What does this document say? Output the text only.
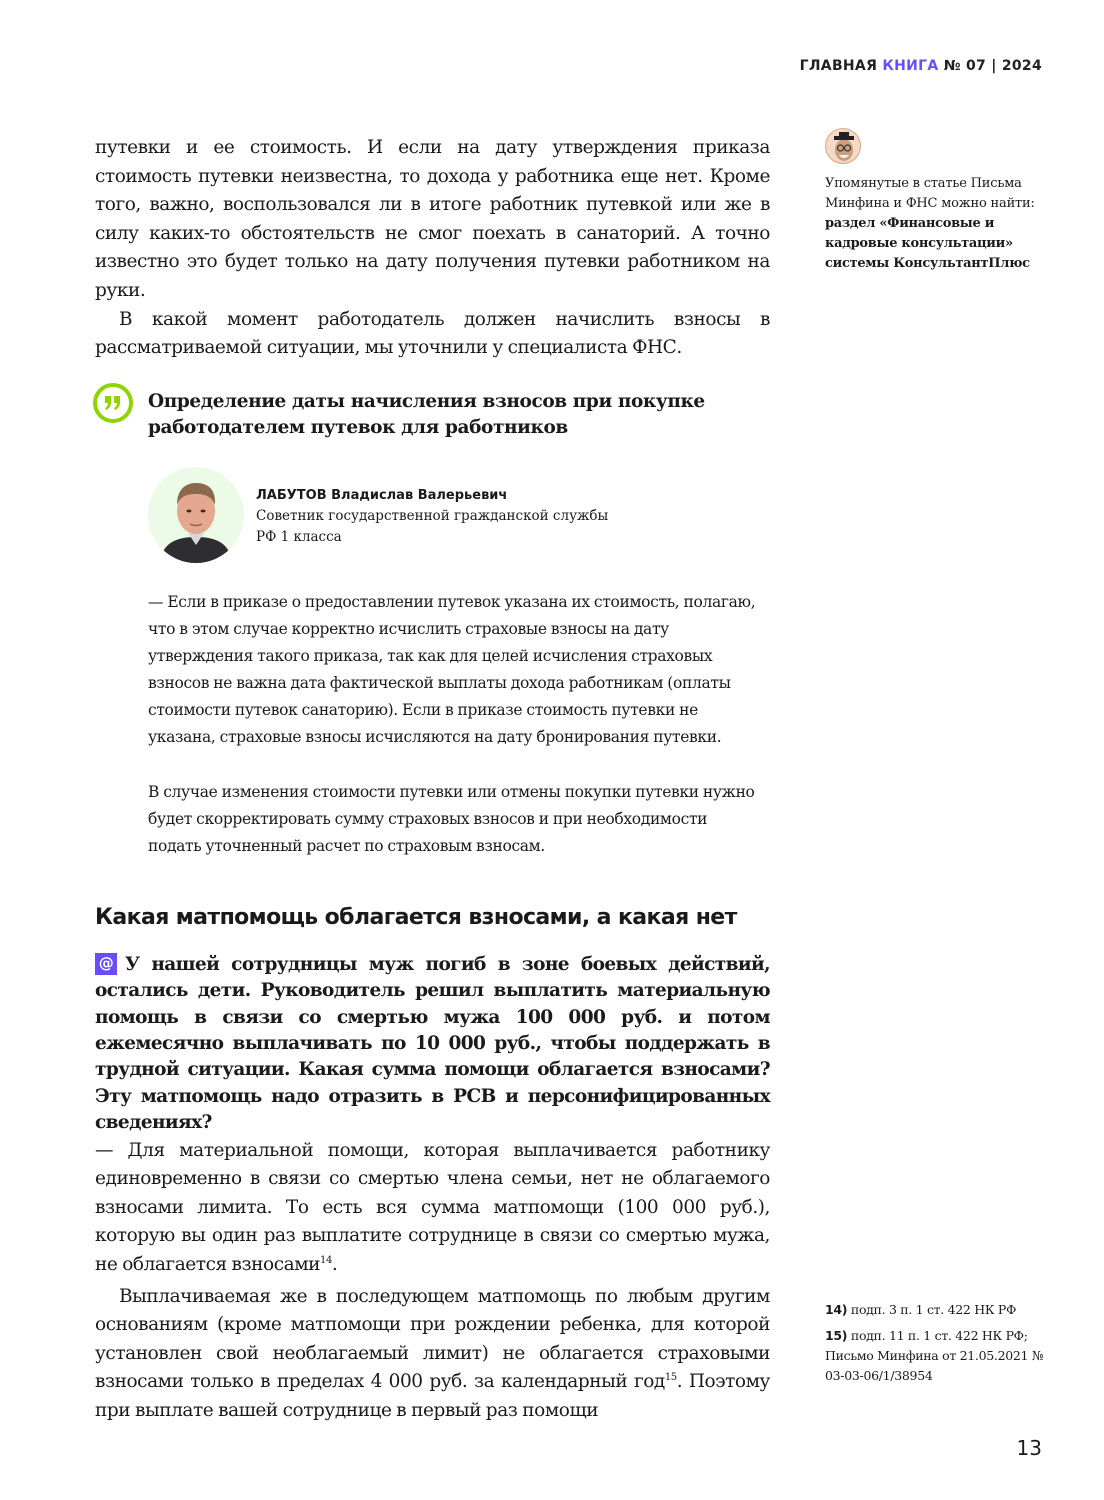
ГЛАВНАЯ КНИГА № 07 | 2024

путевки и ее стоимость. И если на дату утверждения приказа стоимость путевки неизвестна, то дохода у работника еще нет. Кроме того, важно, воспользовался ли в итоге работник путевкой или же в силу каких-то обстоятельств не смог поехать в санаторий. А точно известно это будет только на дату получения путевки работником на руки.

В какой момент работодатель должен начислить взносы в рассматриваемой ситуации, мы уточнили у специалиста ФНС.

Определение даты начисления взносов при покупке работодателем путевок для работников
ЛАБУТОВ Владислав Валерьевич
Советник государственной гражданской службы РФ 1 класса

— Если в приказе о предоставлении путевок указана их стоимость, полагаю, что в этом случае корректно исчислить страховые взносы на дату утверждения такого приказа, так как для целей исчисления страховых взносов не важна дата фактической выплаты дохода работникам (оплаты стоимости путевок санаторию). Если в приказе стоимость путевки не указана, страховые взносы исчисляются на дату бронирования путевки.

В случае изменения стоимости путевки или отмены покупки путевки нужно будет скорректировать сумму страховых взносов и при необходимости подать уточненный расчет по страховым взносам.

Какая матпомощь облагается взносами, а какая нет
@ У нашей сотрудницы муж погиб в зоне боевых действий, остались дети. Руководитель решил выплатить материальную помощь в связи со смертью мужа 100 000 руб. и потом ежемесячно выплачивать по 10 000 руб., чтобы поддержать в трудной ситуации. Какая сумма помощи облагается взносами? Эту матпомощь надо отразить в РСВ и персонифицированных сведениях?

— Для материальной помощи, которая выплачивается работнику единовременно в связи со смертью члена семьи, нет не облагаемого взносами лимита. То есть вся сумма матпомощи (100 000 руб.), которую вы один раз выплатите сотруднице в связи со смертью мужа, не облагается взносами$^{14}$.

Выплачиваемая же в последующем матпомощь по любым другим основаниям (кроме матпомощи при рождении ребенка, для которой установлен свой необлагаемый лимит) не облагается страховыми взносами только в пределах 4 000 руб. за календарный год$^{15}$. Поэтому при выплате вашей сотруднице в первый раз помощи

Упомянутые в статье Письма Минфина и ФНС можно найти:
раздел «Финансовые и кадровые консультации» системы КонсультантПлюс

14) подп. 3 п. 1 ст. 422 НК РФ

15) подп. 11 п. 1 ст. 422 НК РФ; Письмо Минфина от 21.05.2021 № 03-03-06/1/38954

13
